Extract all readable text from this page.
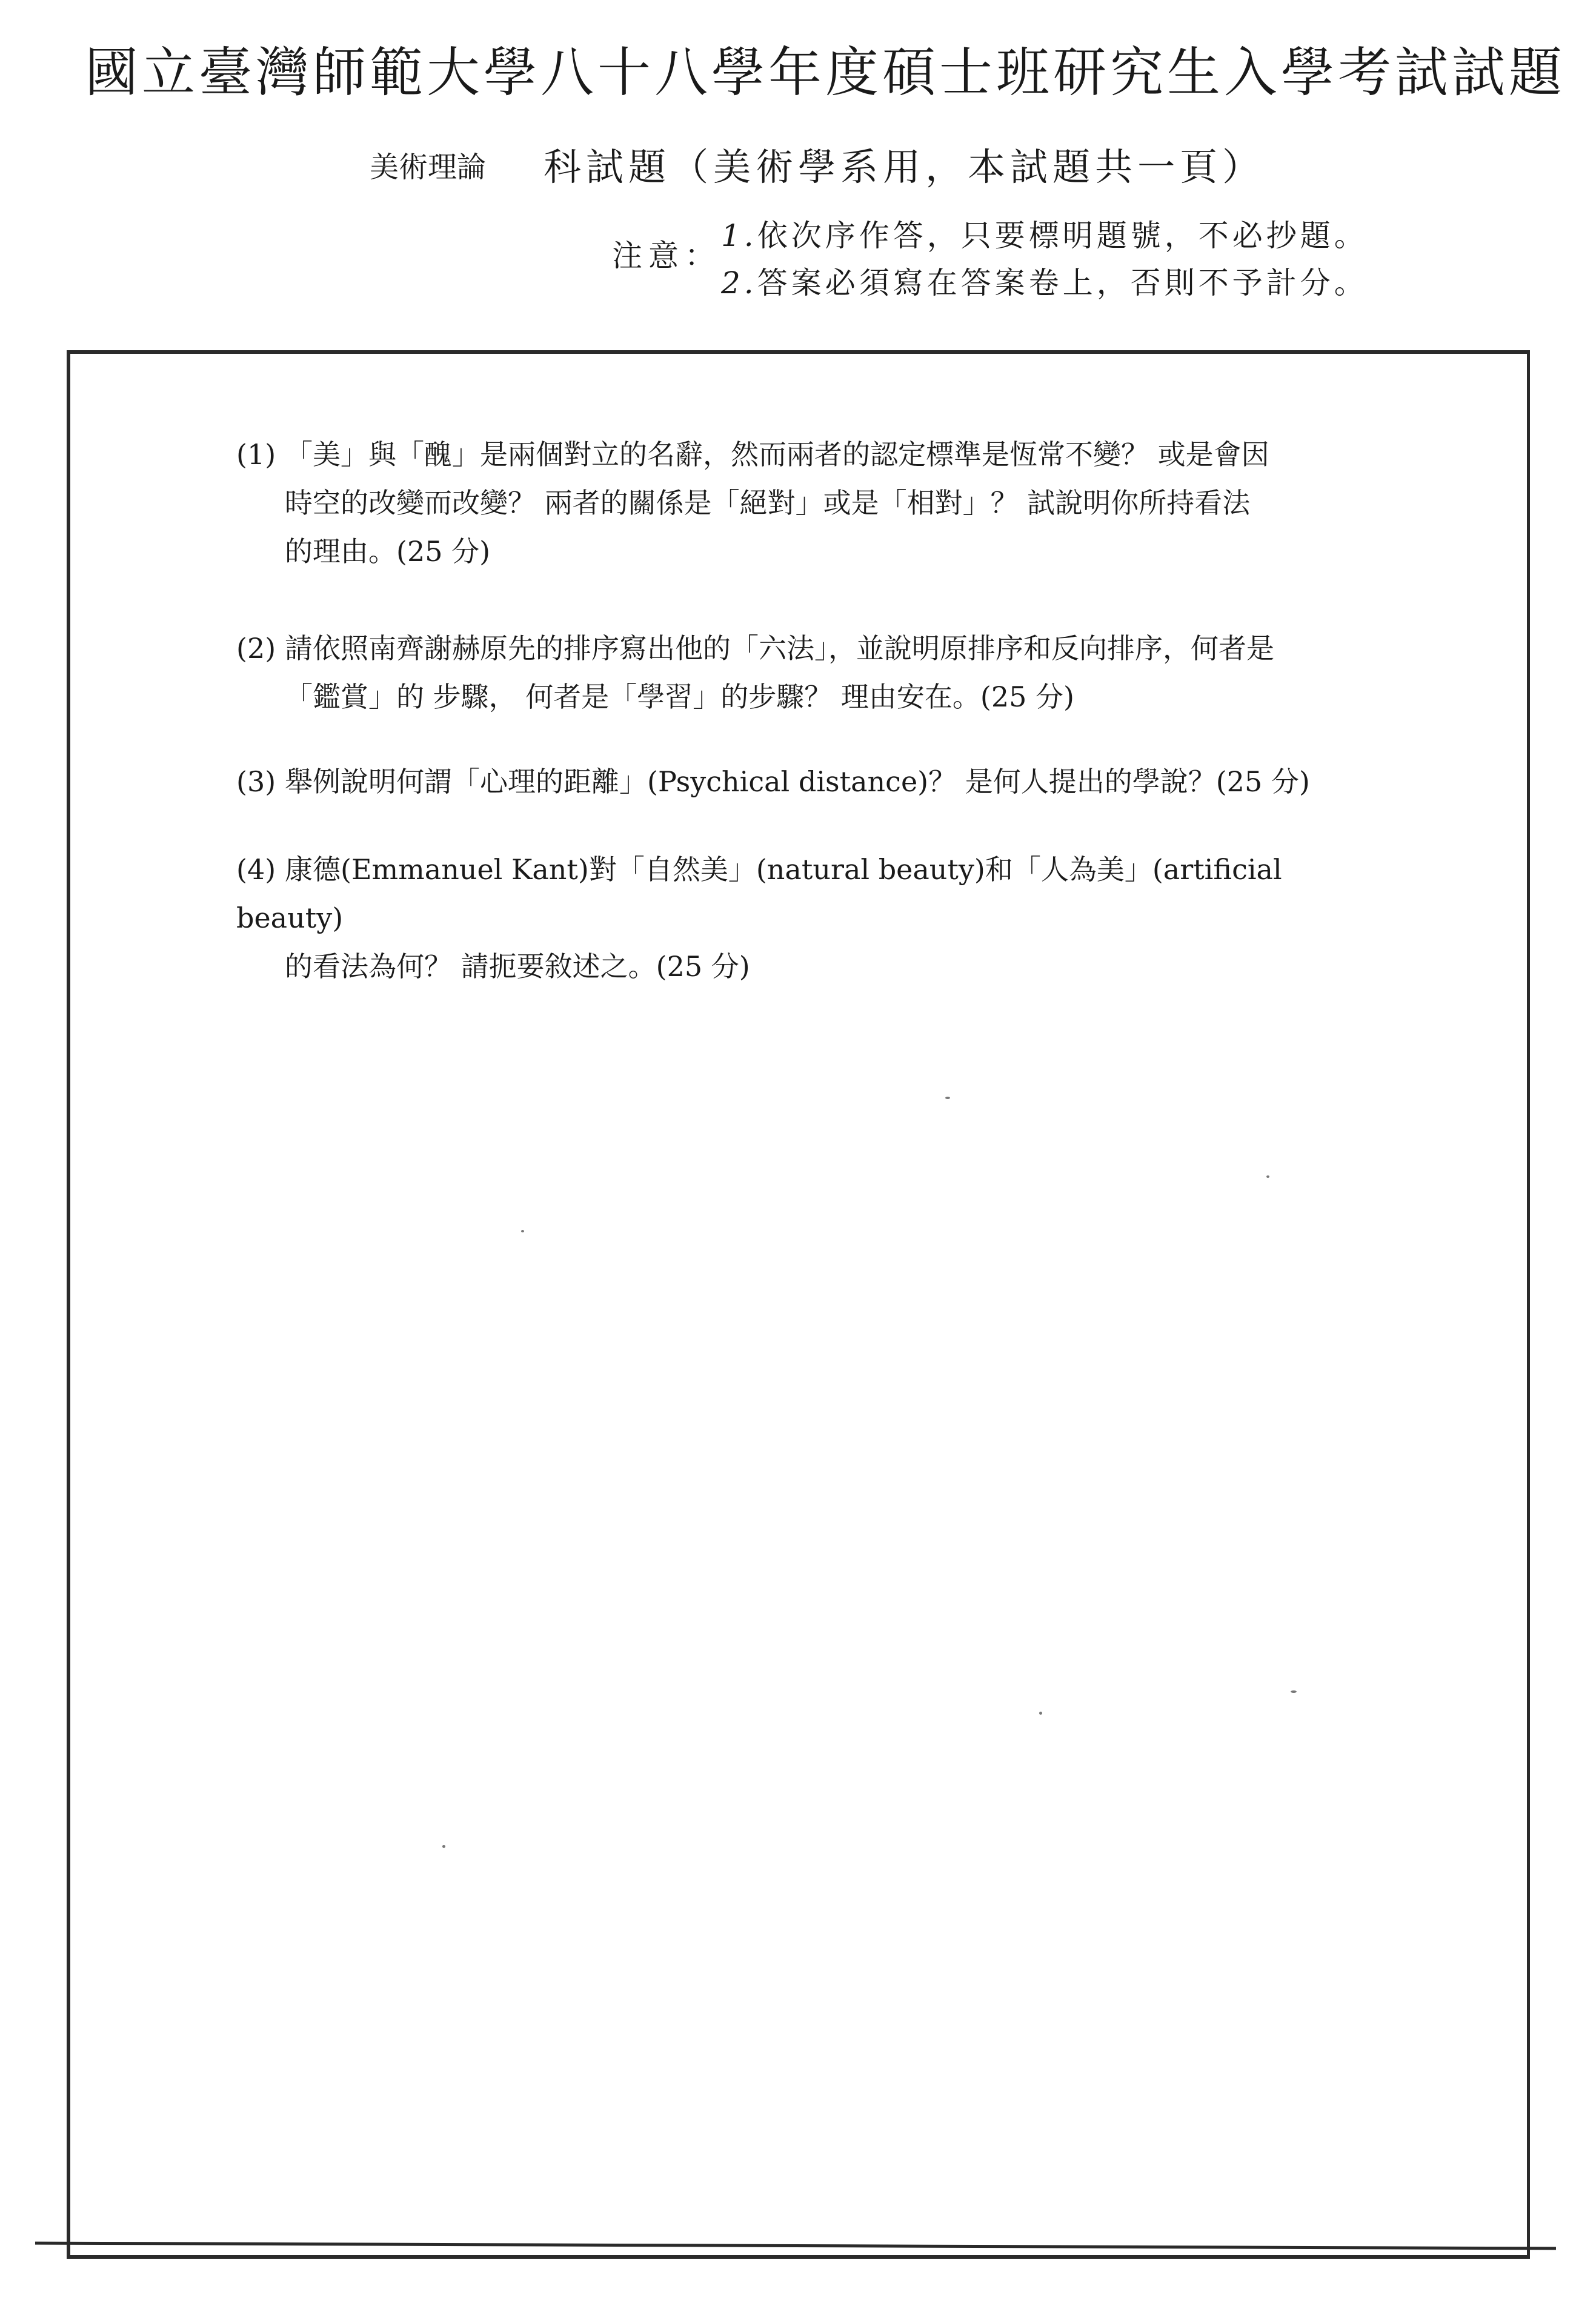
國立臺灣師範大學八十八學年度碩士班研究生入學考試試題
美術理論 科試題（美術學系用，本試題共一頁）
注意：
1.依次序作答，只要標明題號，不必抄題。
2.答案必須寫在答案卷上，否則不予計分。
(1) 「美」與「醜」是兩個對立的名辭，然而兩者的認定標準是恆常不變？ 或是會因
時空的改變而改變？ 兩者的關係是「絕對」或是「相對」？ 試說明你所持看法
的理由。(25 分)
(2) 請依照南齊謝赫原先的排序寫出他的「六法」，並說明原排序和反向排序，何者是
「鑑賞」的 步驟， 何者是「學習」的步驟？ 理由安在。(25 分)
(3) 舉例說明何謂「心理的距離」(Psychical distance)？ 是何人提出的學說？(25 分)
(4) 康德(Emmanuel Kant)對「自然美」(natural beauty)和「人為美」(artificial   beauty)
的看法為何？ 請扼要敘述之。(25 分)
